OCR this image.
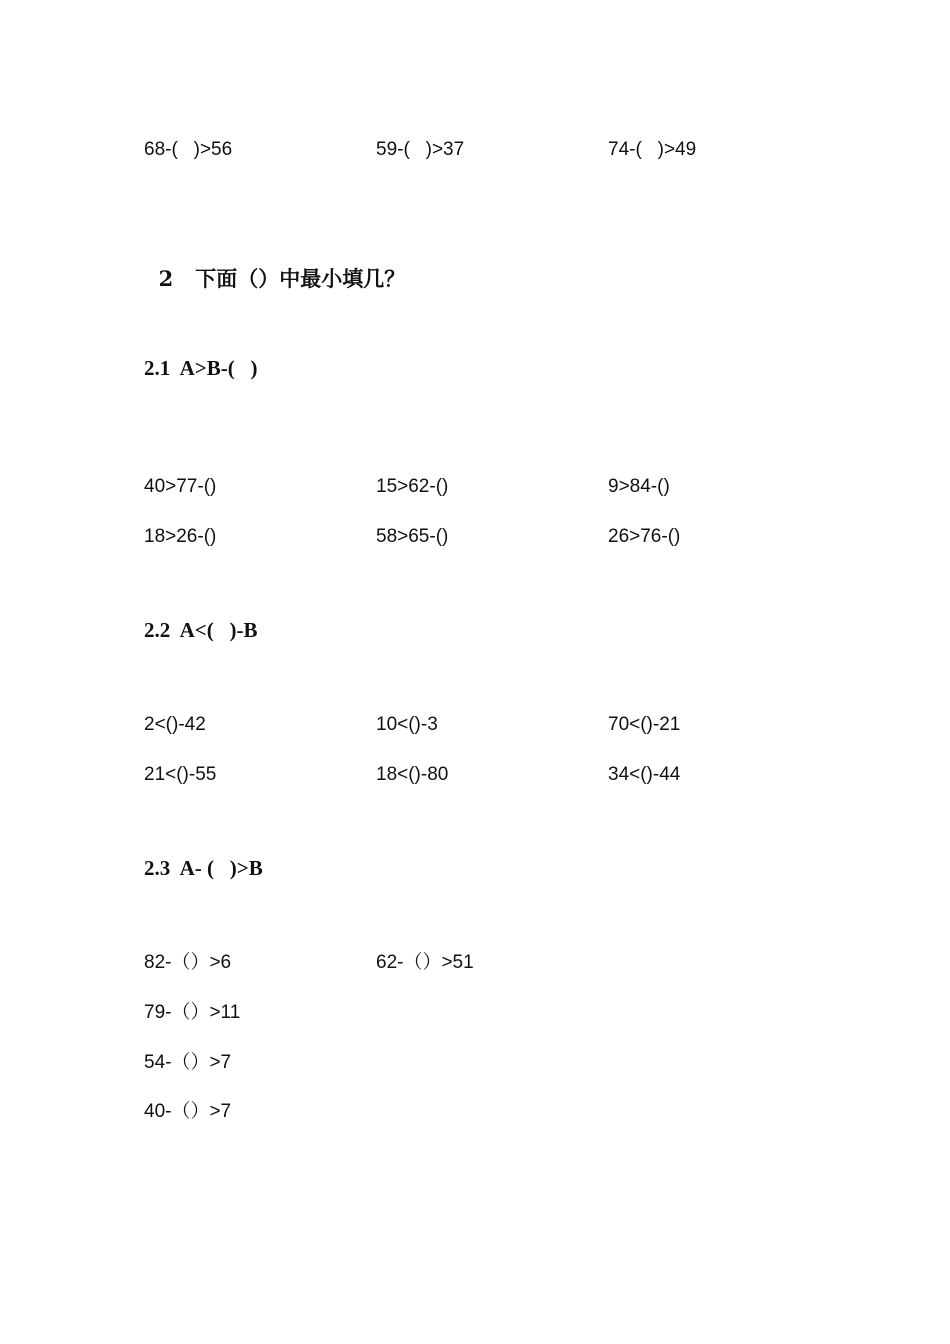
68-(   )>56	59-(   )>37	74-(   )>49

2 下面（）中最小填几？

2.1  A>B-(   )
40>77-()	15>62-()	9>84-()
18>26-()	58>65-()	26>76-()
2.2  A<(   )-B
2<()-42	10<()-3	70<()-21
21<()-55	18<()-80	34<()-44
2.3  A- (   )>B
82-（）>6	62-（）>51
79-（）>11
54-（）>7
40-（）>7
